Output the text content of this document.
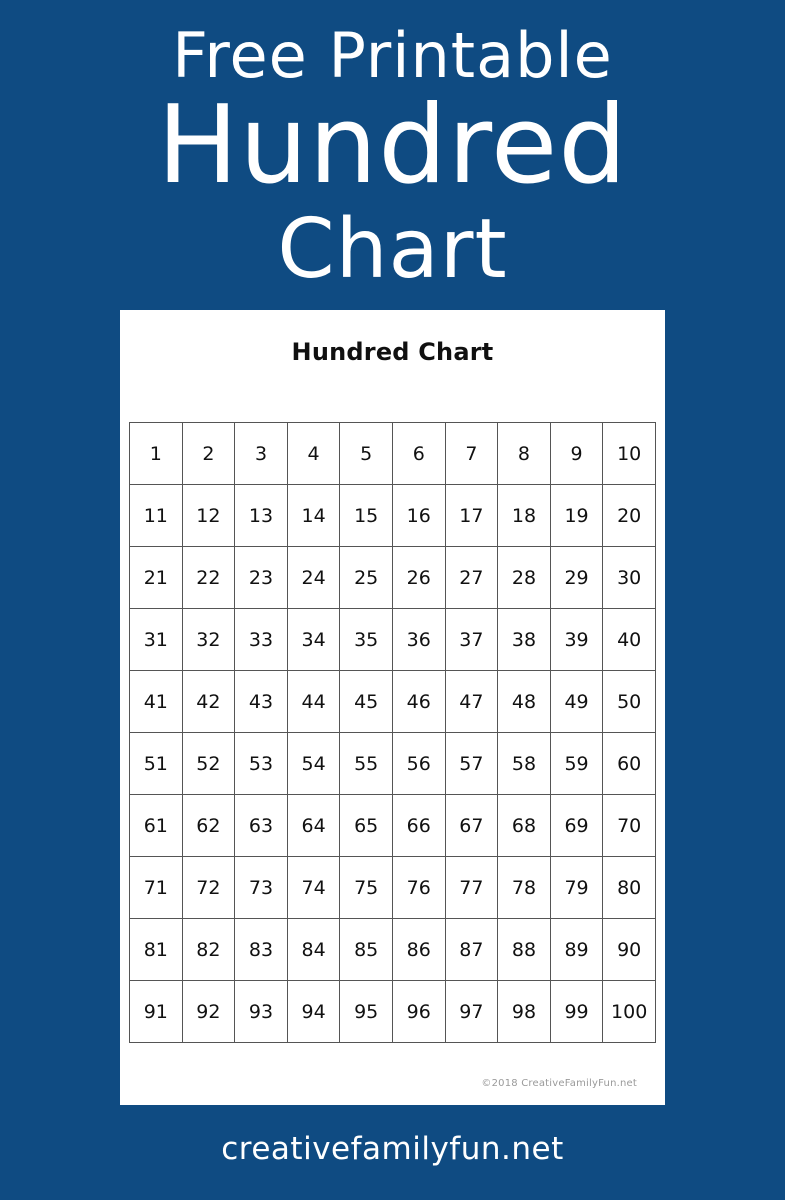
Free Printable
Hundred
Chart
Hundred Chart
1	2	3	4	5	6	7	8	9	10
11	12	13	14	15	16	17	18	19	20
21	22	23	24	25	26	27	28	29	30
31	32	33	34	35	36	37	38	39	40
41	42	43	44	45	46	47	48	49	50
51	52	53	54	55	56	57	58	59	60
61	62	63	64	65	66	67	68	69	70
71	72	73	74	75	76	77	78	79	80
81	82	83	84	85	86	87	88	89	90
91	92	93	94	95	96	97	98	99	100
©2018 CreativeFamilyFun.net
creativefamilyfun.net
